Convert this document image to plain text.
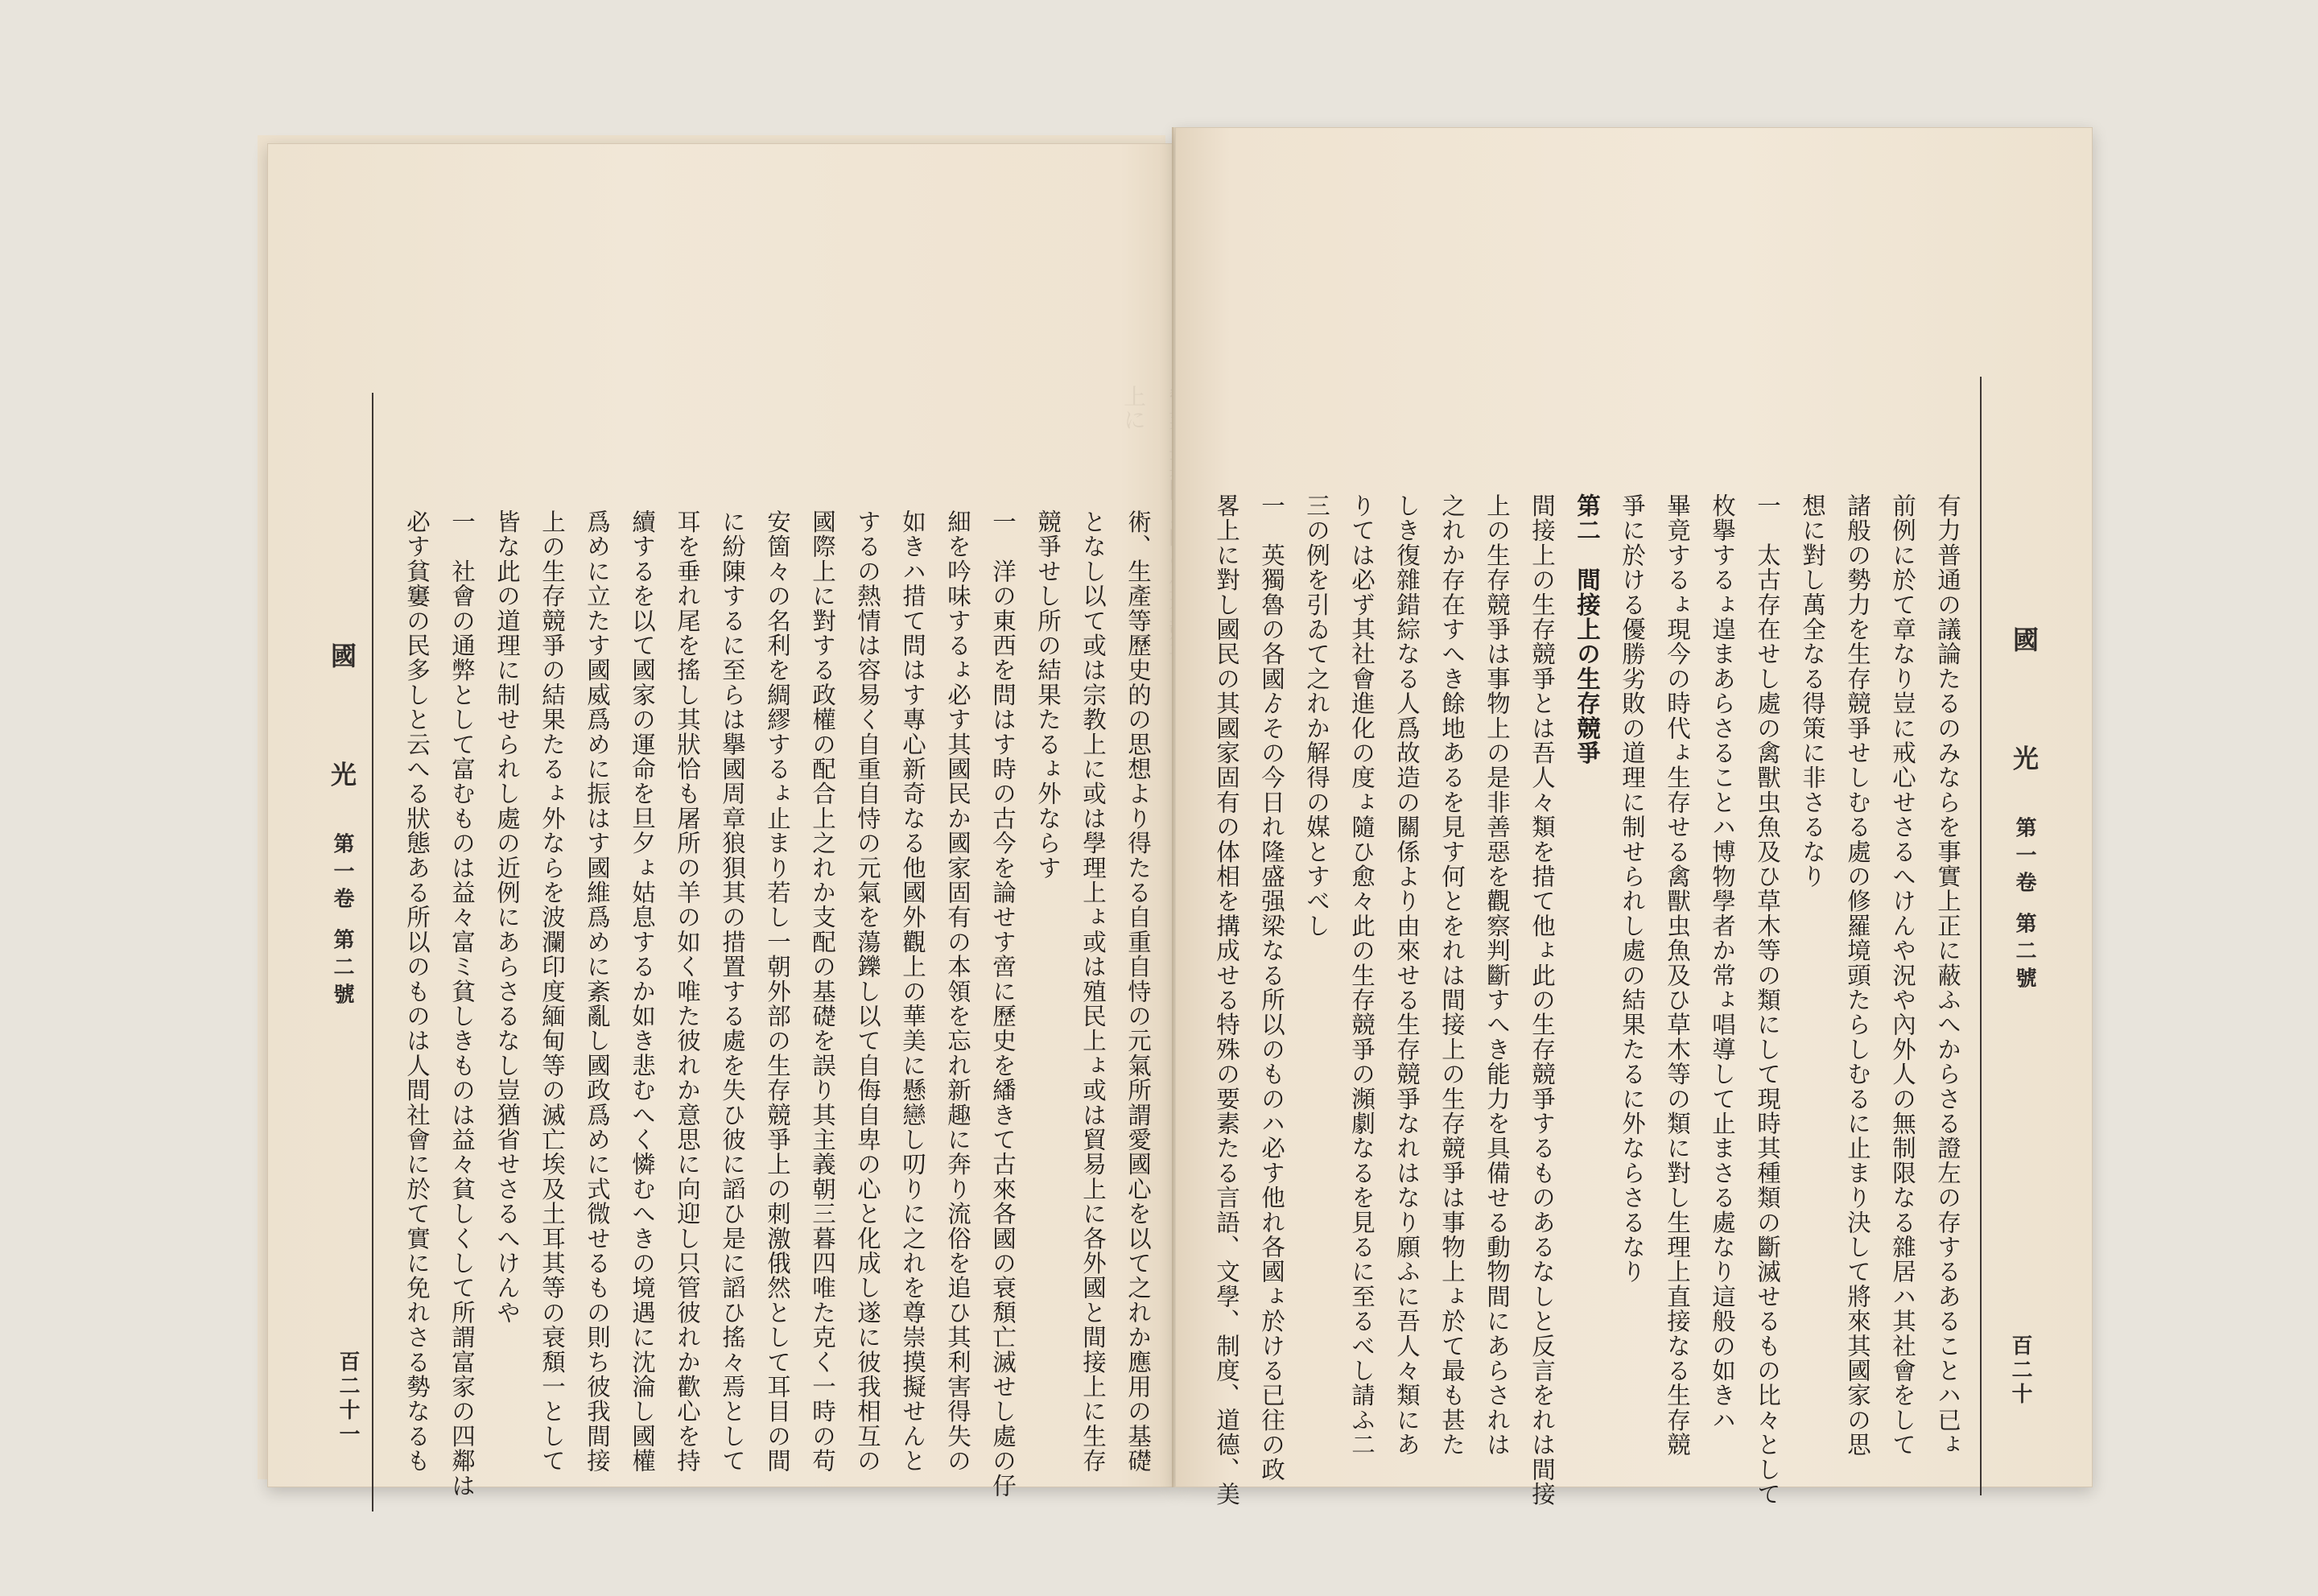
國 光 第一卷 第二號
百二十一
上に

術、生產等歷史的の思想より得たる自重自恃の元氣所謂愛國心を以て之れか應用の基礎

となし以て或は宗教上に或は學理上ょ或は殖民上ょ或は貿易上に各外國と間接上に生存

競爭せし所の結果たるょ外ならす

一　洋の東西を問はす時の古今を論せす啻に歷史を繙きて古來各國の衰頽亡滅せし處の仔

細を吟味するょ必す其國民か國家固有の本領を忘れ新趣に奔り流俗を追ひ其利害得失の

如きハ措て問はす專心新奇なる他國外觀上の華美に懸戀し叨りに之れを尊崇摸擬せんと

するの熱情は容易く自重自恃の元氣を蕩鑠し以て自侮自卑の心と化成し遂に彼我相互の

國際上に對する政權の配合上之れか支配の基礎を誤り其主義朝三暮四唯た克く一時の苟

安箇々の名利を綢繆するょ止まり若し一朝外部の生存競爭上の刺激俄然として耳目の間

に紛陳するに至らは擧國周章狼狽其の措置する處を失ひ彼に謟ひ是に謟ひ搖々焉として

耳を垂れ尾を搖し其狀恰も屠所の羊の如く唯た彼れか意思に向迎し只管彼れか歡心を持

續するを以て國家の運命を旦夕ょ姑息するか如き悲むへく憐むへきの境遇に沈淪し國權

爲めに立たす國威爲めに振はす國維爲めに紊亂し國政爲めに式微せるもの則ち彼我間接

上の生存競爭の結果たるょ外ならを波瀾印度緬甸等の滅亡埃及土耳其等の衰頽一として

皆な此の道理に制せられし處の近例にあらさるなし豈猶省せさるへけんや

一　社會の通弊として富むものは益々富ミ貧しきものは益々貧しくして所謂富家の四鄰は

必す貧窶の民多しと云へる狀態ある所以のものは人間社會に於て實に免れさる勢なるも	國 光 第一卷 第二號
百二十

有力普通の議論たるのみならを事實上正に蔽ふへからさる證左の存するあることハ已ょ

前例に於て章なり豈に戒心せさるへけんや況や內外人の無制限なる雜居ハ其社會をして

諸般の勢力を生存競爭せしむる處の修羅境頭たらしむるに止まり決して將來其國家の思

想に對し萬全なる得策に非さるなり

一　太古存在せし處の禽獸虫魚及ひ草木等の類にして現時其種類の斷滅せるもの比々として

枚擧するょ遑まあらさることハ博物學者か常ょ唱導して止まさる處なり這般の如きハ

畢竟するょ現今の時代ょ生存せる禽獸虫魚及ひ草木等の類に對し生理上直接なる生存競

爭に於ける優勝劣敗の道理に制せられし處の結果たるに外ならさるなり

第二　間接上の生存競爭

間接上の生存競爭とは吾人々類を措て他ょ此の生存競爭するものあるなしと反言をれは間接

上の生存競爭は事物上の是非善惡を觀察判斷すへき能力を具備せる動物間にあらされは

之れか存在すへき餘地あるを見す何とをれは間接上の生存競爭は事物上ょ於て最も甚た

しき復雜錯綜なる人爲故造の關係より由來せる生存競爭なれはなり願ふに吾人々類にあ

りては必ず其社會進化の度ょ隨ひ愈々此の生存競爭の瀕劇なるを見るに至るべし請ふ二

三の例を引ゐて之れか解得の媒とすべし

一　英獨魯の各國ゟその今日れ隆盛强梁なる所以のものハ必す他れ各國ょ於ける已往の政

畧上に對し國民の其國家固有の体相を搆成せる特殊の要素たる言語、文學、制度、道德、美
